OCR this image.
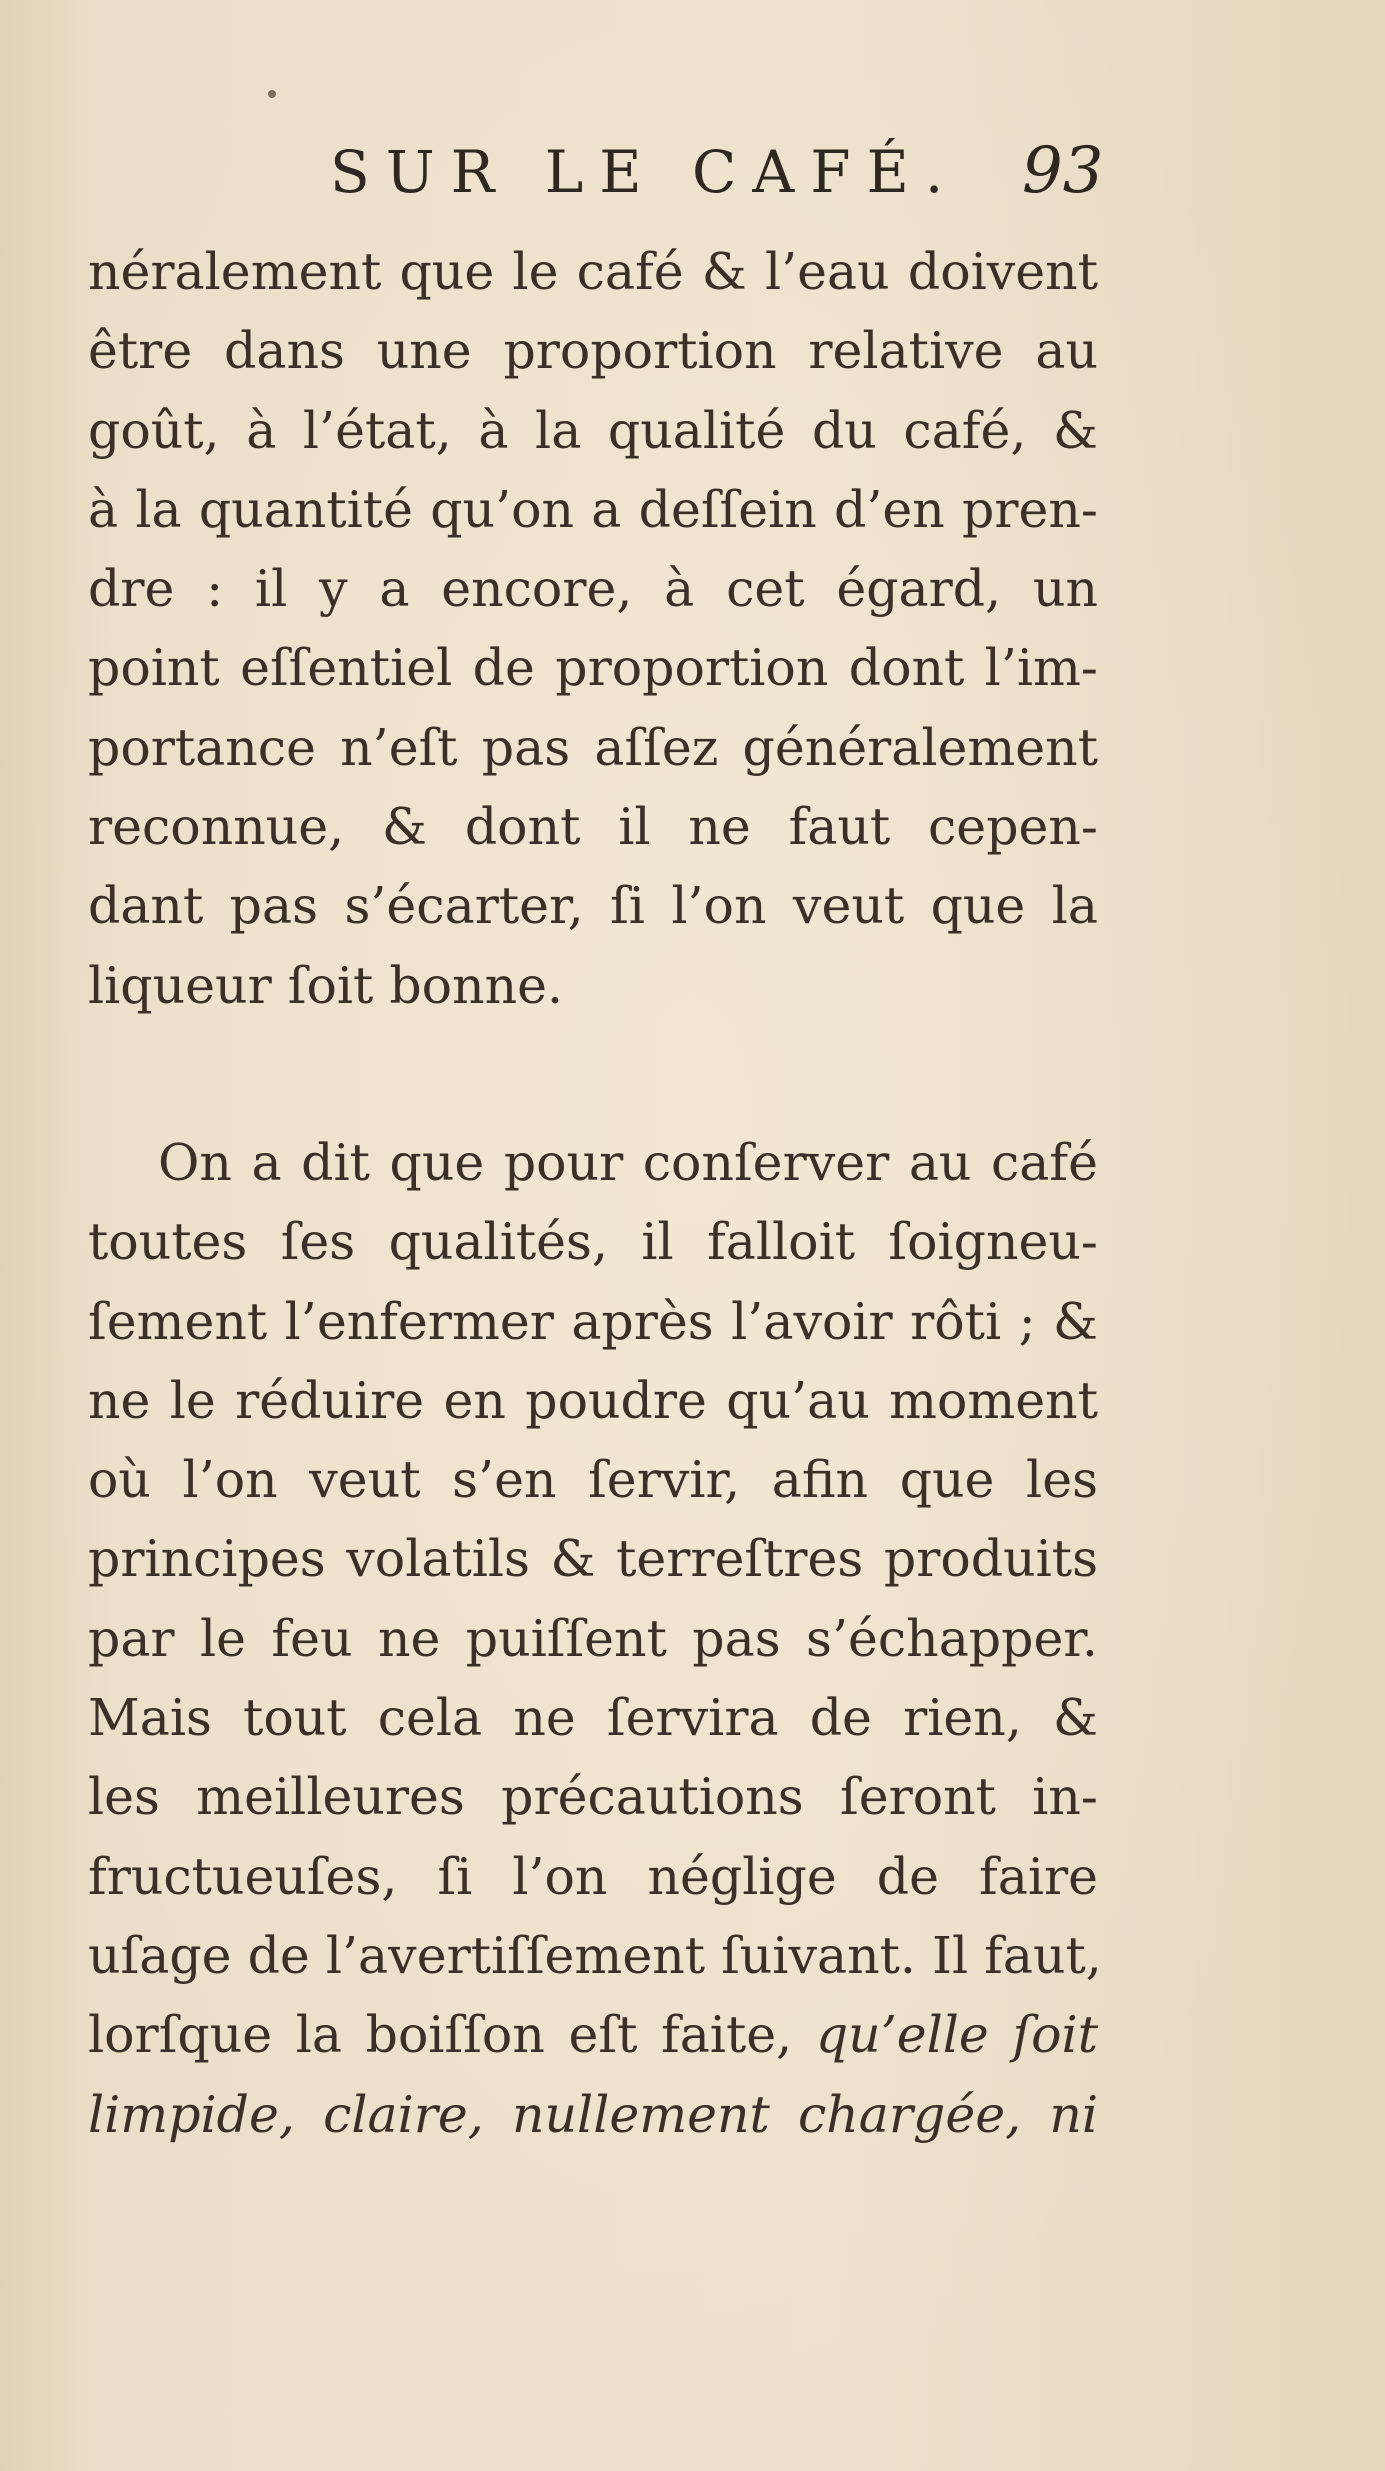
SUR LE CAFÉ. 93
néralement que le café & l’eau doivent
être dans une proportion relative au
goût, à l’état, à la qualité du café, &
à la quantité qu’on a deſſein d’en pren-
dre : il y a encore, à cet égard, un
point eſſentiel de proportion dont l’im-
portance n’eſt pas aſſez généralement
reconnue, & dont il ne faut cepen-
dant pas s’écarter, ſi l’on veut que la
liqueur ſoit bonne.
On a dit que pour conſerver au café
toutes ſes qualités, il falloit ſoigneu-
ſement l’enfermer après l’avoir rôti ; &
ne le réduire en poudre qu’au moment
où l’on veut s’en ſervir, afin que les
principes volatils & terreſtres produits
par le feu ne puiſſent pas s’échapper.
Mais tout cela ne ſervira de rien, &
les meilleures précautions ſeront in-
fructueuſes, ſi l’on néglige de faire
uſage de l’avertiſſement ſuivant. Il faut,
lorſque la boiſſon eſt faite, qu’elle ſoit
limpide, claire, nullement chargée, ni
